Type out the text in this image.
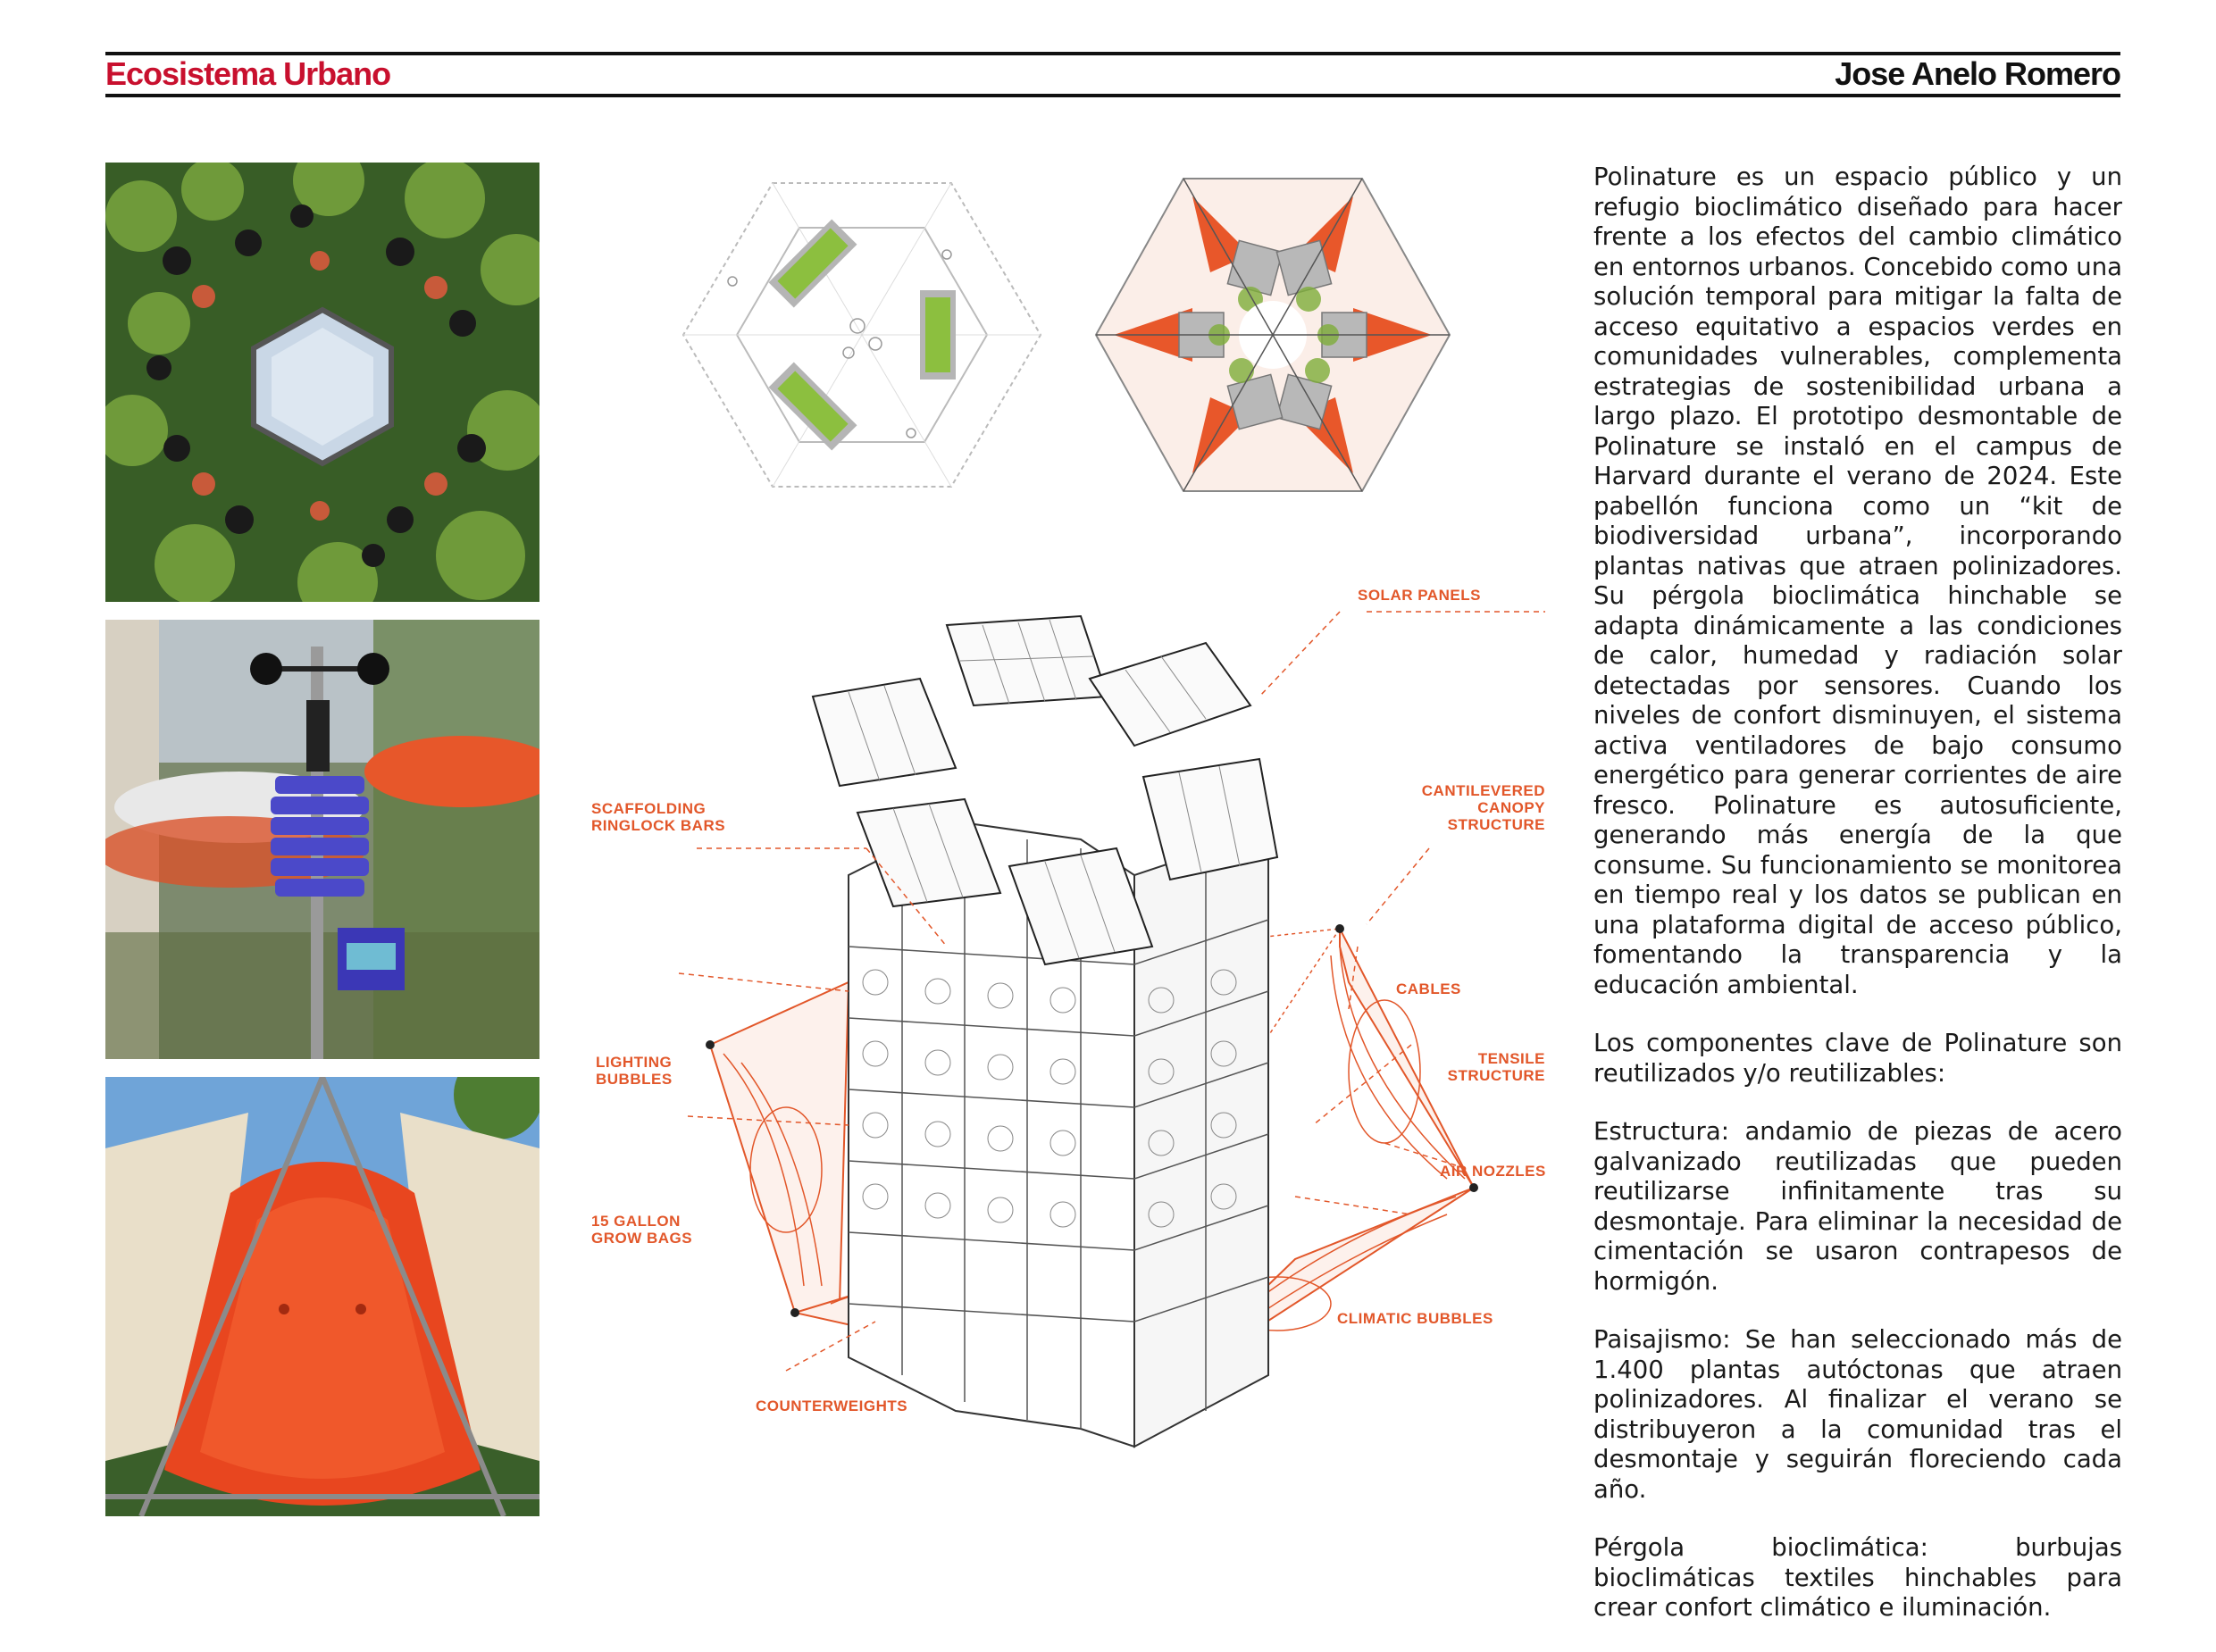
Ecosistema Urbano	Jose Anelo Romero
SOLAR PANELS
CANTILEVERED
CANOPY
STRUCTURE
SCAFFOLDING
RINGLOCK BARS
CABLES
TENSILE
STRUCTURE
LIGHTING
BUBBLES
AIR NOZZLES
15 GALLON
GROW BAGS
CLIMATIC BUBBLES
COUNTERWEIGHTS

Polinature es un espacio público y un refugio bioclimático diseñado para hacer frente a los efectos del cambio climático en entornos urbanos. Concebido como una solución temporal para mitigar la falta de acceso equitativo a espacios verdes en comunidades vulnerables, complementa estrategias de sostenibilidad urbana a largo plazo. El prototipo desmontable de Polinature se instaló en el campus de Harvard durante el verano de 2024. Este pabellón funciona como un “kit de biodiversidad urbana”, incorporando plantas nativas que atraen polinizadores. Su pérgola bioclimática hinchable se adapta dinámicamente a las condiciones de calor, humedad y radiación solar detectadas por sensores. Cuando los niveles de confort disminuyen, el sistema activa ventiladores de bajo consumo energético para generar corrientes de aire fresco. Polinature es autosuficiente, generando más energía de la que consume. Su funcionamiento se monitorea en tiempo real y los datos se publican en una plataforma digital de acceso público, fomentando la transparencia y la educación ambiental.

Los componentes clave de Polinature son reutilizados y/o reutilizables:

Estructura: andamio de piezas de acero galvanizado reutilizadas que pueden reutilizarse infinitamente tras su desmontaje. Para eliminar la necesidad de cimentación se usaron contrapesos de hormigón.

Paisajismo: Se han seleccionado más de 1.400 plantas autóctonas que atraen polinizadores. Al finalizar el verano se distribuyeron a la comunidad tras el desmontaje y seguirán floreciendo cada año.

Pérgola bioclimática: burbujas bioclimáticas textiles hinchables para crear confort climático e iluminación.
